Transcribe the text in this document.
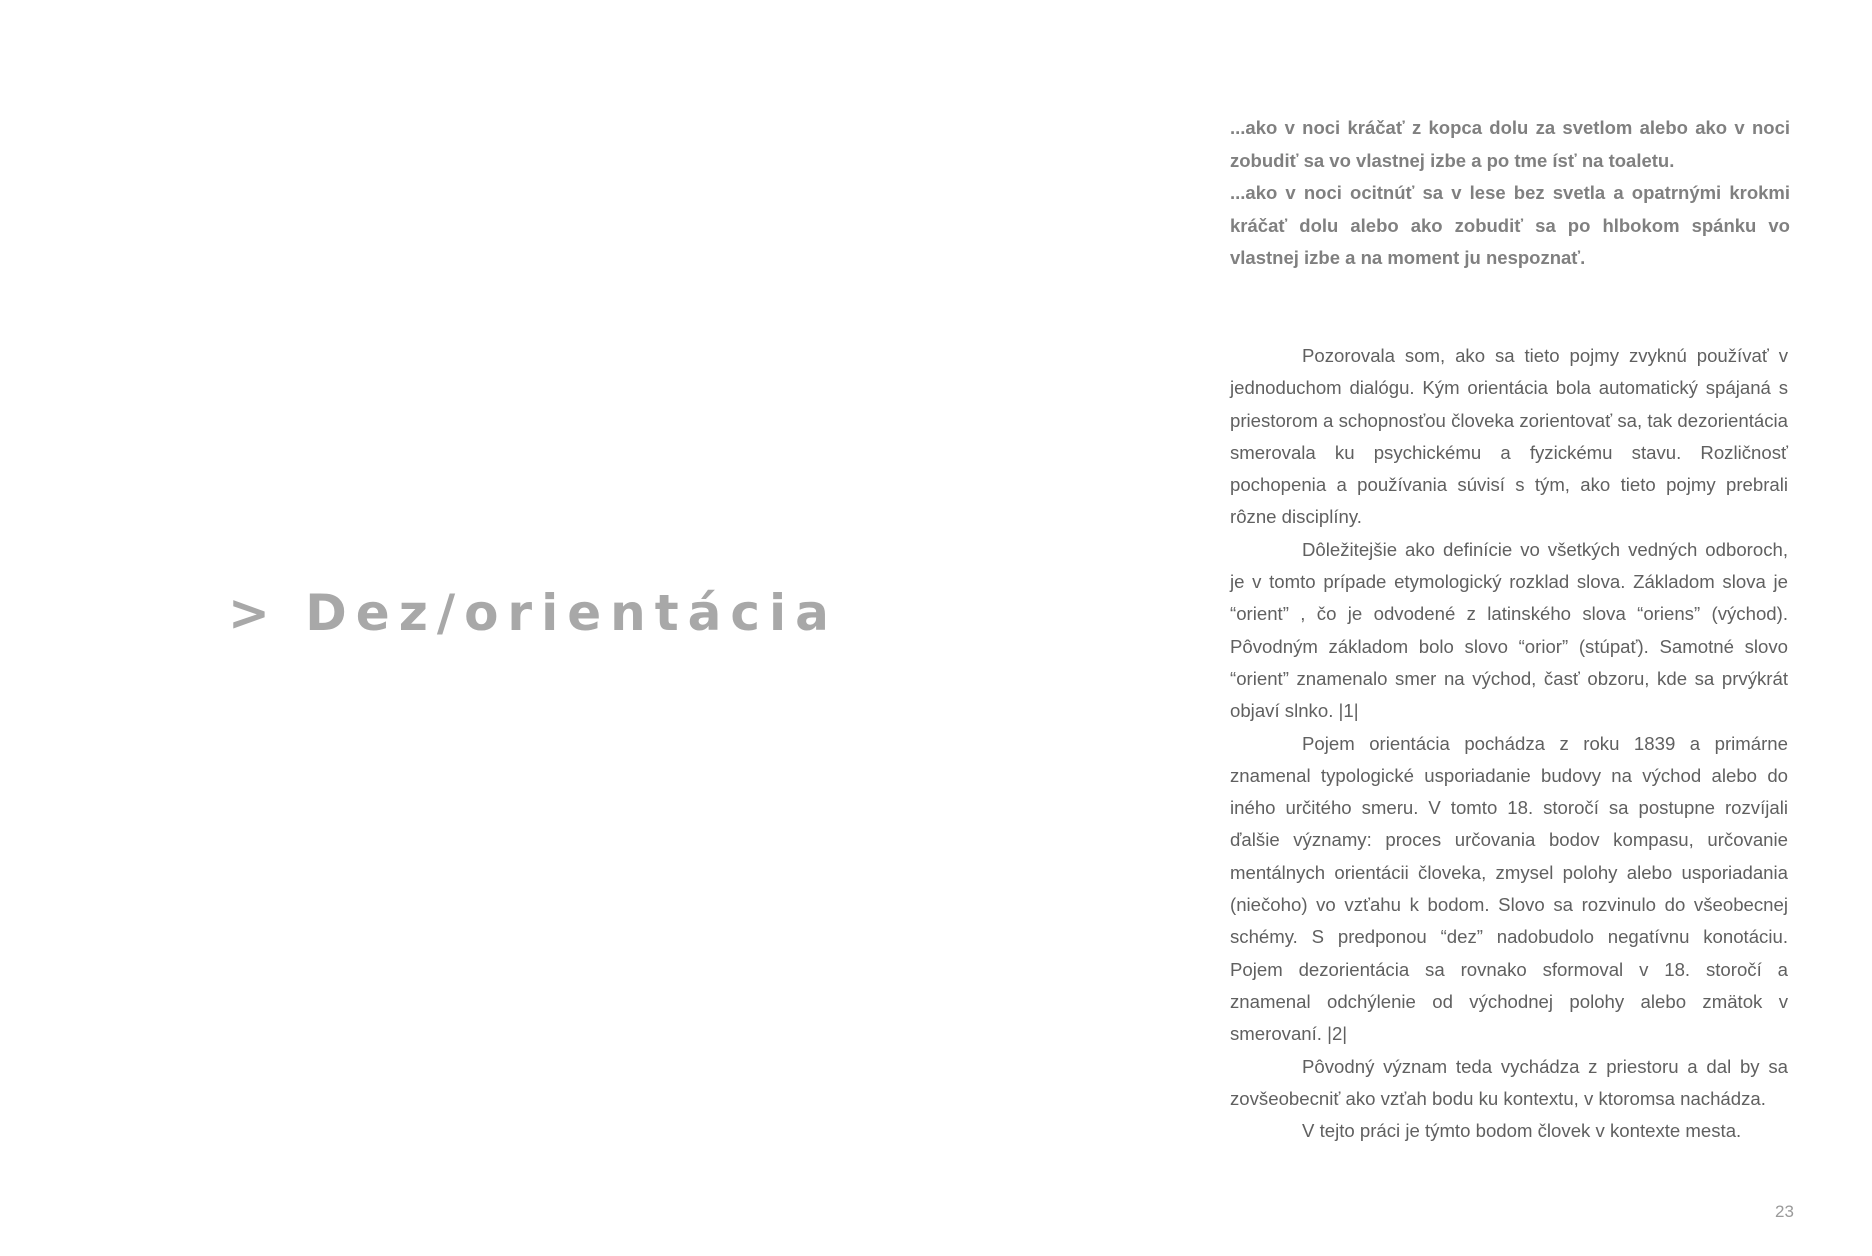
> Dez/orientácia

...ako v noci kráčať z kopca dolu za svetlom alebo ako v noci zobudiť sa vo vlastnej izbe a po tme ísť na toaletu.

...ako v noci ocitnúť sa v lese bez svetla a opatrnými krokmi kráčať dolu alebo ako zobudiť sa po hlbokom spánku vo vlastnej izbe a na moment ju nespoznať.

Pozorovala som, ako sa tieto pojmy zvyknú používať v jednoduchom dialógu. Kým orientácia bola automatický spájaná s priestorom a schopnosťou človeka zorientovať sa, tak dezorientácia smerovala ku psychickému a fyzickému stavu. Rozličnosť pochopenia a používania súvisí s tým, ako tieto pojmy prebrali rôzne disciplíny.

Dôležitejšie ako definície vo všetkých vedných odboroch, je v tomto prípade etymologický rozklad slova. Základom slova je “orient” , čo je odvodené z latinského slova “oriens” (východ). Pôvodným základom bolo slovo “orior” (stúpať). Samotné slovo “orient” znamenalo smer na východ, časť obzoru, kde sa prvýkrát objaví slnko. |1|

Pojem orientácia pochádza z roku 1839 a primárne znamenal typologické usporiadanie budovy na východ alebo do iného určitého smeru. V tomto 18. storočí sa postupne rozvíjali ďalšie významy: proces určovania bodov kompasu, určovanie mentálnych orientácii človeka, zmysel polohy alebo usporiadania (niečoho) vo vzťahu k bodom. Slovo sa rozvinulo do všeobecnej schémy. S predponou “dez” nadobudolo negatívnu konotáciu. Pojem dezorientácia sa rovnako sformoval v 18. storočí a znamenal odchýlenie od východnej polohy alebo zmätok v smerovaní. |2|

Pôvodný význam teda vychádza z priestoru a dal by sa zovšeobecniť ako vzťah bodu ku kontextu, v ktoromsa nachádza.

V tejto práci je týmto bodom človek v kontexte mesta.

23
